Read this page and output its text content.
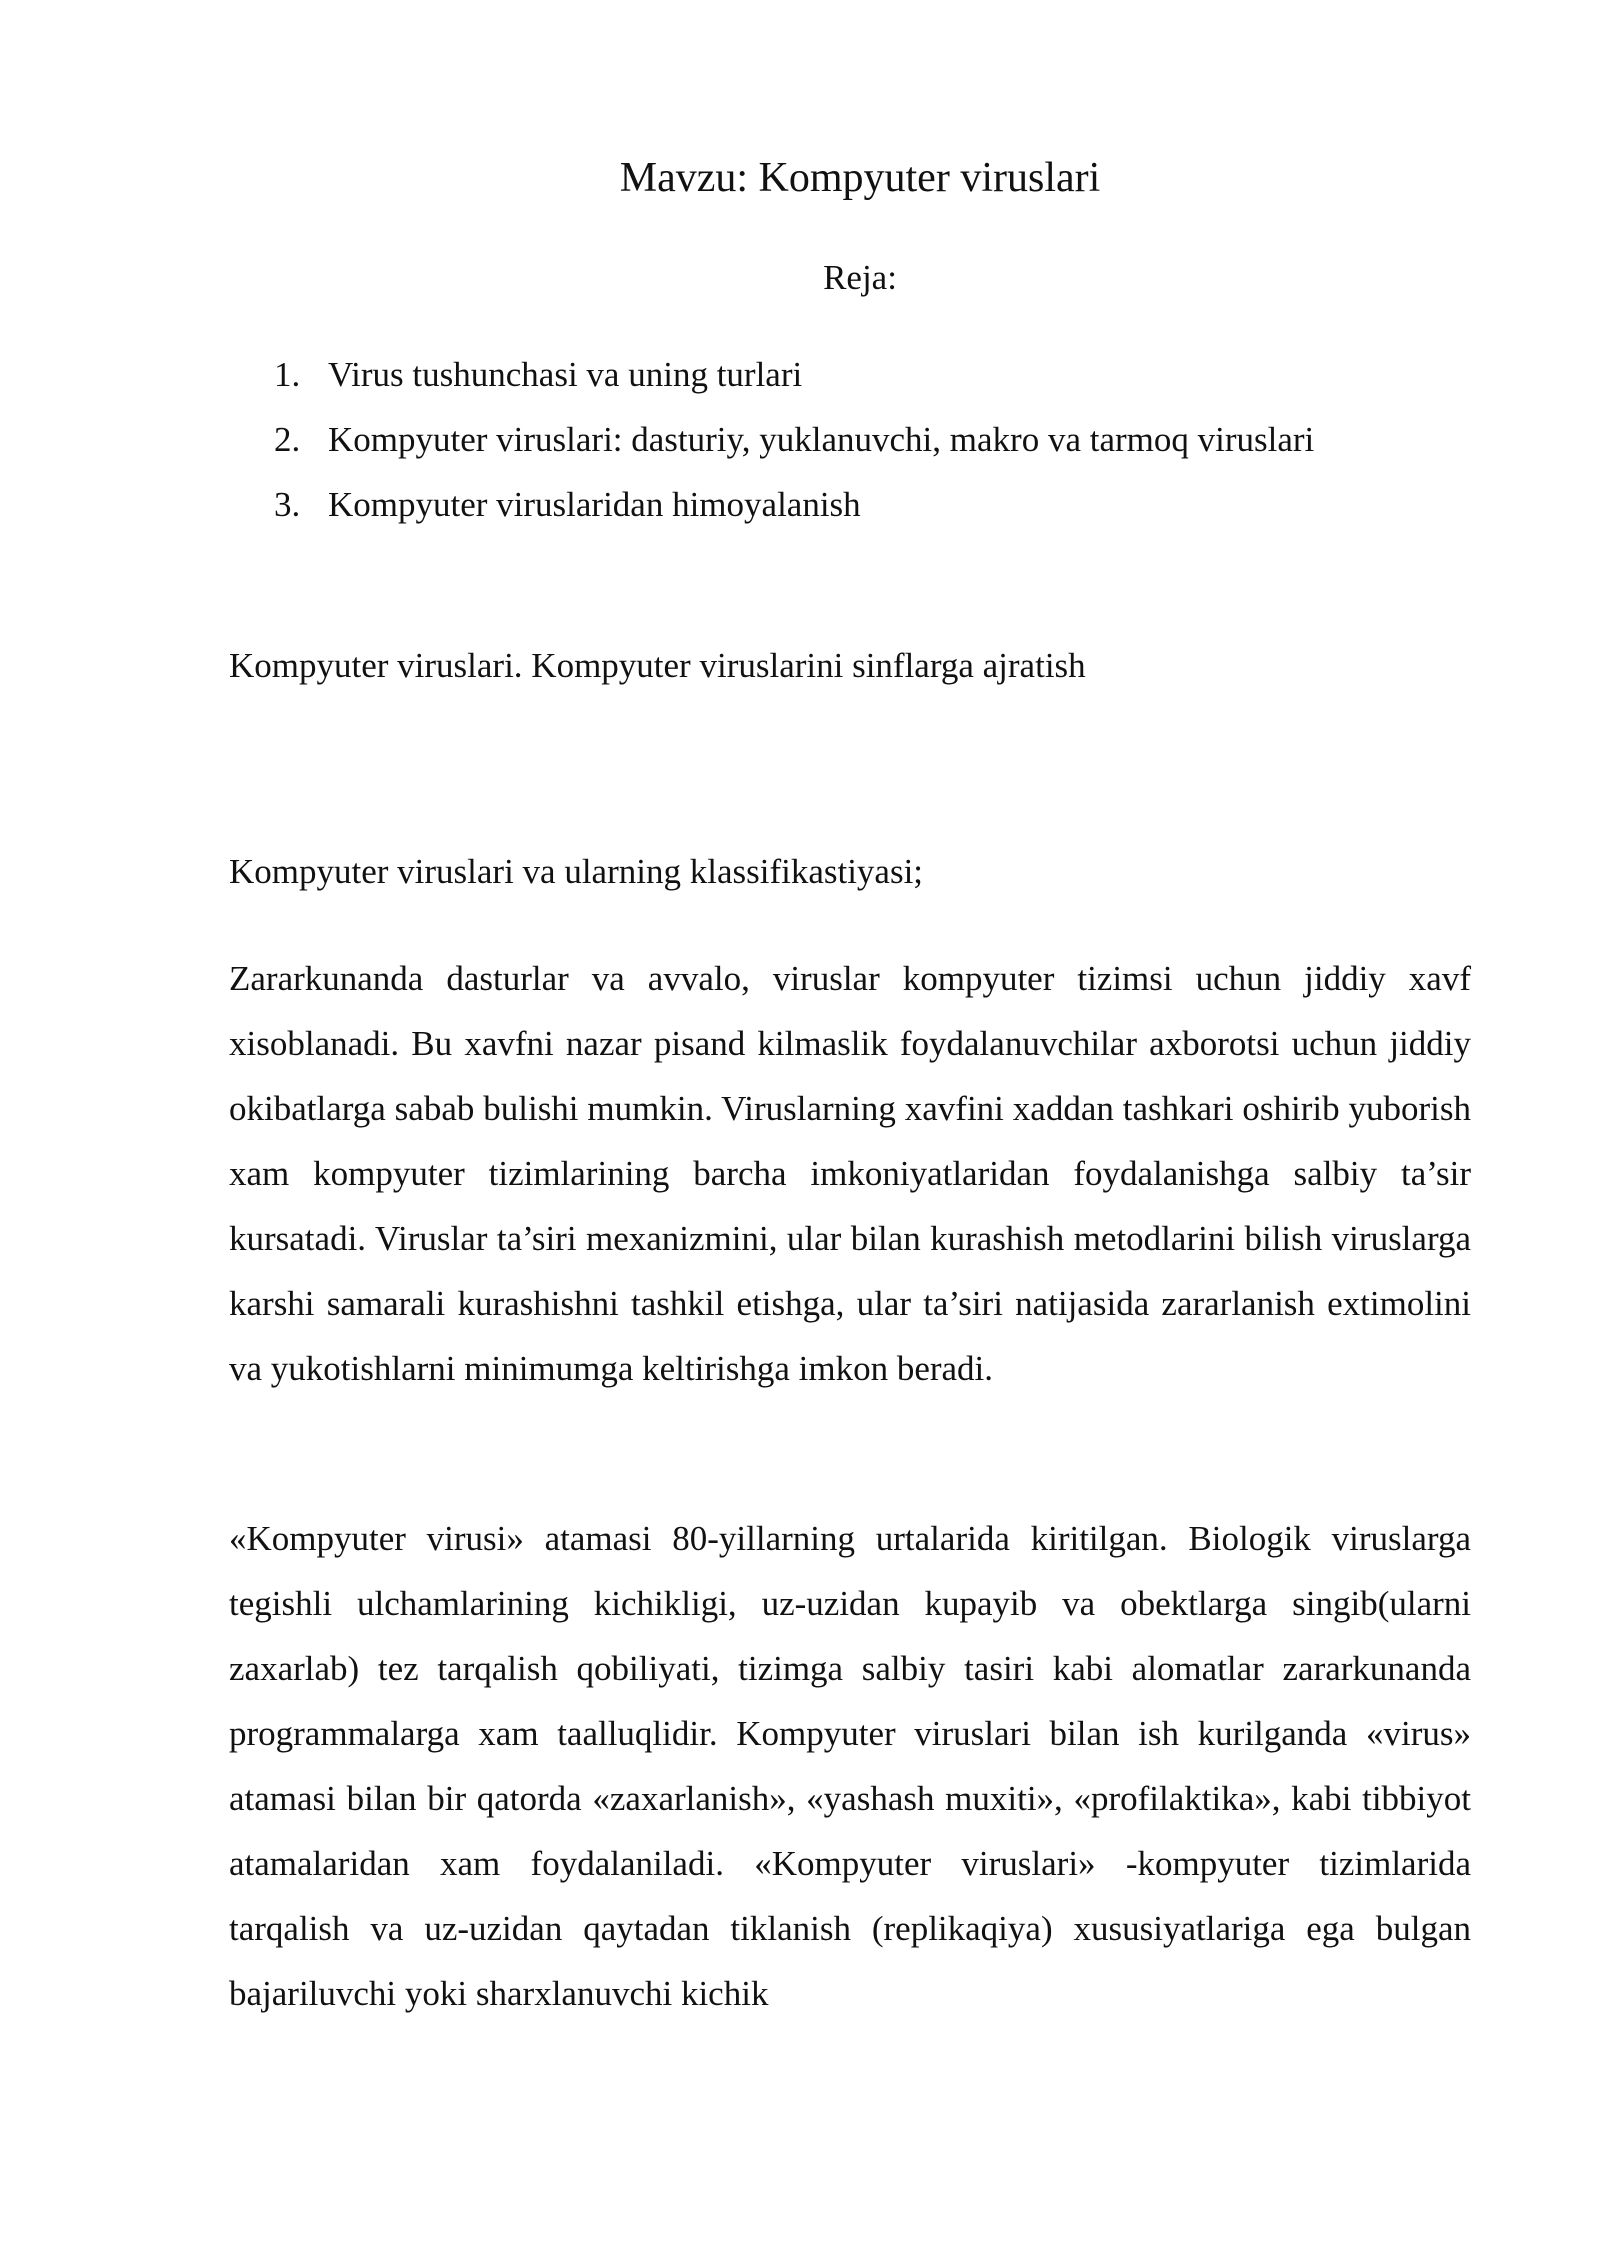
Mavzu: Kompyuter viruslari

Reja:

1. Virus tushunchasi va uning turlari
2. Kompyuter viruslari: dasturiy, yuklanuvchi, makro va tarmoq viruslari
3. Kompyuter viruslaridan himoyalanish

Kompyuter viruslari. Kompyuter viruslarini sinflarga ajratish

Kompyuter viruslari va ularning klassifikastiyasi;

Zararkunanda dasturlar va avvalo, viruslar kompyuter tizimsi uchun jiddiy xavf xisoblanadi. Bu xavfni nazar pisand kilmaslik foydalanuvchilar axborotsi uchun jiddiy okibatlarga sabab bulishi mumkin. Viruslarning xavfini xaddan tashkari oshirib yuborish xam kompyuter tizimlarining barcha imkoniyatlaridan foydalanishga salbiy ta’sir kursatadi. Viruslar ta’siri mexanizmini, ular bilan kurashish metodlarini bilish viruslarga karshi samarali kurashishni tashkil etishga, ular ta’siri natijasida zararlanish extimolini va yukotishlarni minimumga keltirishga imkon beradi.

«Kompyuter virusi» atamasi 80-yillarning urtalarida kiritilgan. Biologik viruslarga tegishli ulchamlarining kichikligi, uz-uzidan kupayib va obektlarga singib(ularni zaxarlab) tez tarqalish qobiliyati, tizimga salbiy tasiri kabi alomatlar zararkunanda programmalarga xam taalluqlidir. Kompyuter viruslari bilan ish kurilganda «virus» atamasi bilan bir qatorda «zaxarlanish», «yashash muxiti», «profilaktika», kabi tibbiyot atamalaridan xam foydalaniladi. «Kompyuter viruslari» -kompyuter tizimlarida tarqalish va uz-uzidan qaytadan tiklanish (replikaqiya) xususiyatlariga ega bulgan bajariluvchi yoki sharxlanuvchi kichik
